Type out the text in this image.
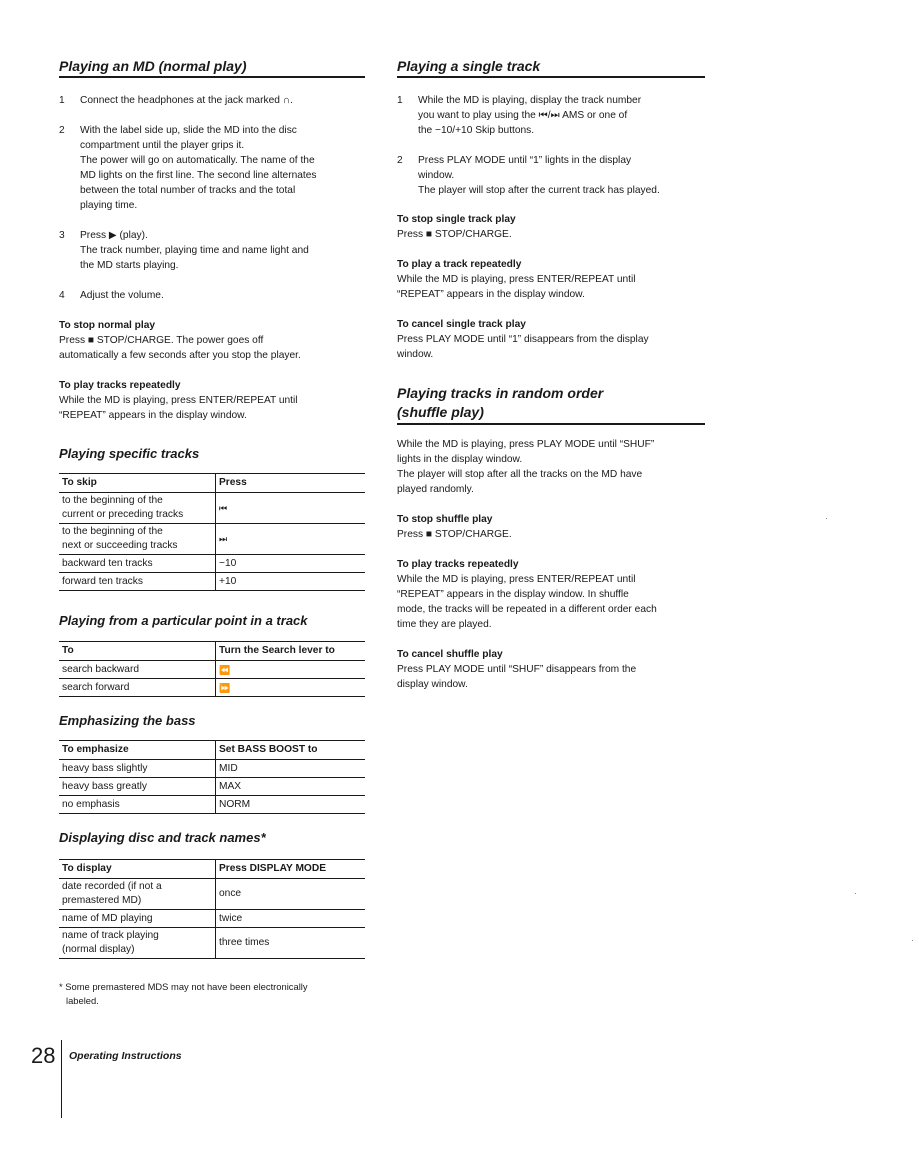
Playing an MD (normal play)
1 Connect the headphones at the jack marked ∩.
2 With the label side up, slide the MD into the disc
compartment until the player grips it.
The power will go on automatically. The name of the
MD lights on the first line. The second line alternates
between the total number of tracks and the total
playing time.
3 Press ▶ (play).
The track number, playing time and name light and
the MD starts playing.
4 Adjust the volume.
To stop normal play
Press ■ STOP/CHARGE. The power goes off
automatically a few seconds after you stop the player.
To play tracks repeatedly
While the MD is playing, press ENTER/REPEAT until
“REPEAT” appears in the display window.
Playing specific tracks
To skip	Press

to the beginning of the
current or preceding tracks	⏮

to the beginning of the
next or succeeding tracks	⏭
backward ten tracks	−10
forward ten tracks	+10
Playing from a particular point in a track
To	Turn the Search lever to
search backward	⏪
search forward	⏩
Emphasizing the bass
To emphasize	Set BASS BOOST to
heavy bass slightly	MID
heavy bass greatly	MAX
no emphasis	NORM
Displaying disc and track names*
To display	Press DISPLAY MODE

date recorded (if not a
premastered MD)	once
name of MD playing	twice

name of track playing
(normal display)	three times
* Some premastered MDS may not have been electronically
labeled.
Playing a single track
1 While the MD is playing, display the track number
you want to play using the ⏮/⏭ AMS or one of
the −10/+10 Skip buttons.
2 Press PLAY MODE until “1” lights in the display
window.
The player will stop after the current track has played.
To stop single track play
Press ■ STOP/CHARGE.
To play a track repeatedly
While the MD is playing, press ENTER/REPEAT until
“REPEAT” appears in the display window.
To cancel single track play
Press PLAY MODE until “1” disappears from the display
window.
Playing tracks in random order
(shuffle play)
While the MD is playing, press PLAY MODE until “SHUF”
lights in the display window.
The player will stop after all the tracks on the MD have
played randomly.
To stop shuffle play
Press ■ STOP/CHARGE.
To play tracks repeatedly
While the MD is playing, press ENTER/REPEAT until
“REPEAT” appears in the display window. In shuffle
mode, the tracks will be repeated in a different order each
time they are played.
To cancel shuffle play
Press PLAY MODE until “SHUF” disappears from the
display window.
28 Operating Instructions
